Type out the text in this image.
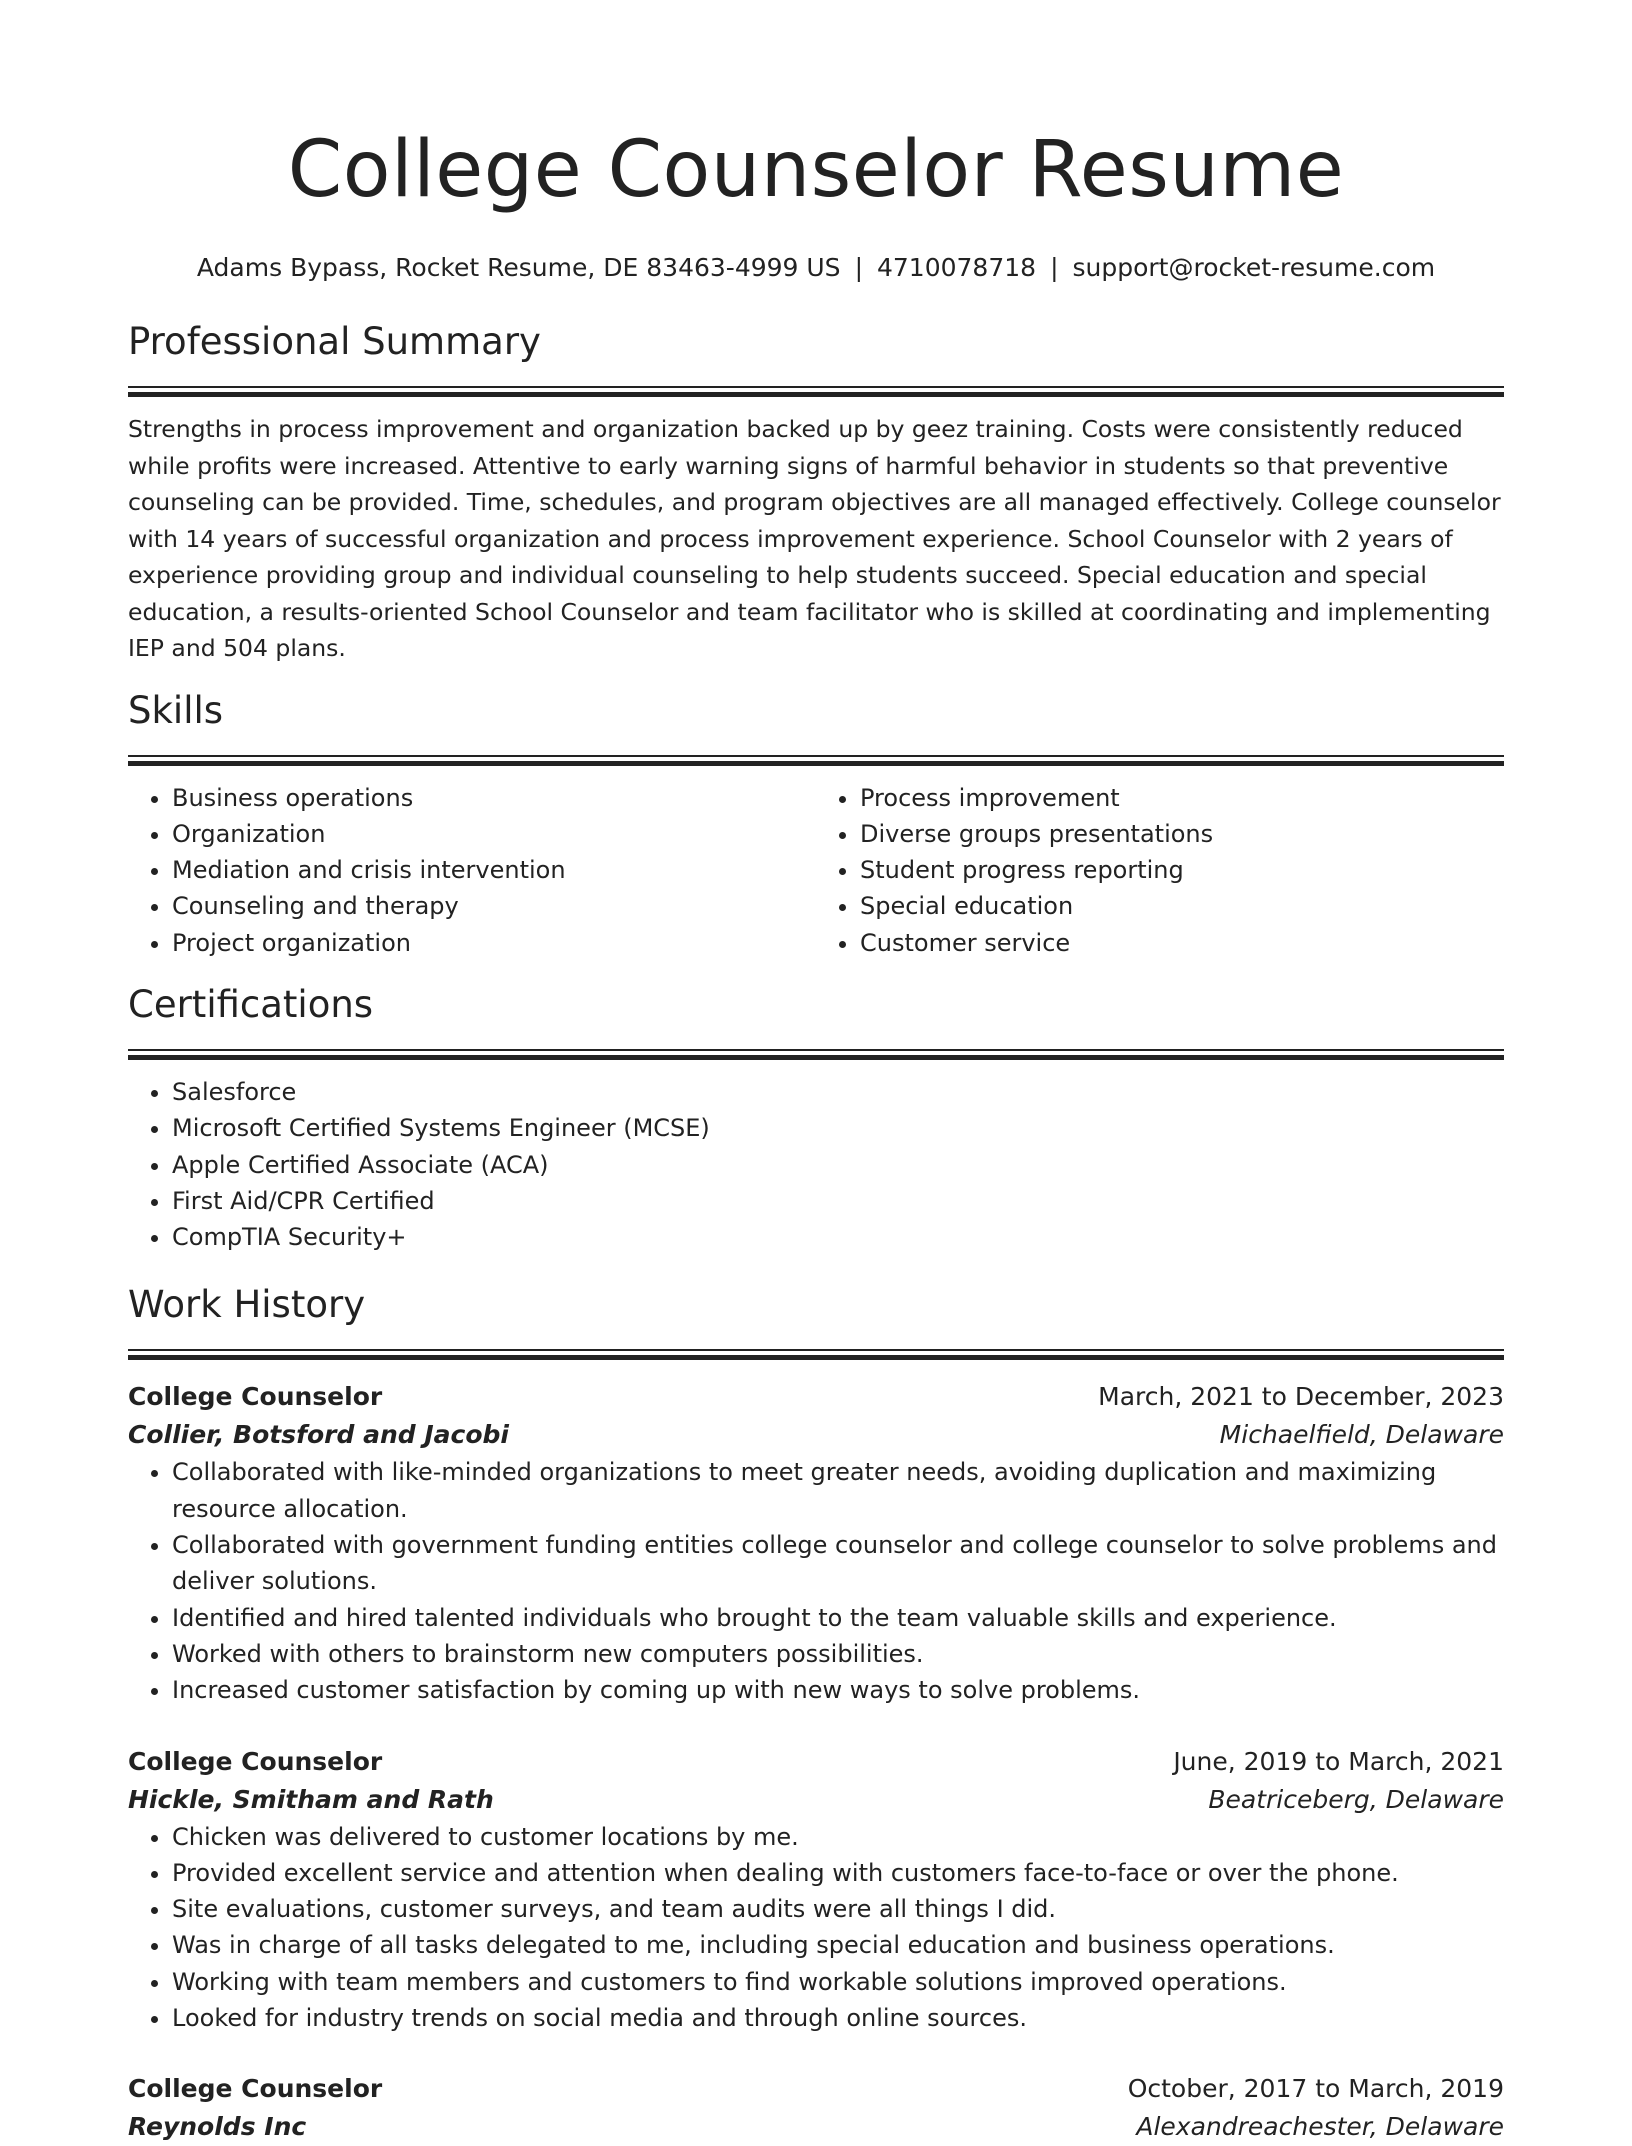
College Counselor Resume
Adams Bypass, Rocket Resume, DE 83463-4999 US | 4710078718 | support@rocket-resume.com
Professional Summary

Strengths in process improvement and organization backed up by geez training. Costs were consistently reduced while profits were increased. Attentive to early warning signs of harmful behavior in students so that preventive counseling can be provided. Time, schedules, and program objectives are all managed effectively. College counselor with 14 years of successful organization and process improvement experience. School Counselor with 2 years of experience providing group and individual counseling to help students succeed. Special education and special education, a results-oriented School Counselor and team facilitator who is skilled at coordinating and implementing IEP and 504 plans.

Skills
• Business operations
• Organization
• Mediation and crisis intervention
• Counseling and therapy
• Project organization
• Process improvement
• Diverse groups presentations
• Student progress reporting
• Special education
• Customer service
Certifications
• Salesforce
• Microsoft Certified Systems Engineer (MCSE)
• Apple Certified Associate (ACA)
• First Aid/CPR Certified
• CompTIA Security+
Work History
College Counselor	March, 2021 to December, 2023
Collier, Botsford and Jacobi	Michaelfield, Delaware
• Collaborated with like-minded organizations to meet greater needs, avoiding duplication and maximizing resource allocation.
• Collaborated with government funding entities college counselor and college counselor to solve problems and deliver solutions.
• Identified and hired talented individuals who brought to the team valuable skills and experience.
• Worked with others to brainstorm new computers possibilities.
• Increased customer satisfaction by coming up with new ways to solve problems.
College Counselor	June, 2019 to March, 2021
Hickle, Smitham and Rath	Beatriceberg, Delaware
• Chicken was delivered to customer locations by me.
• Provided excellent service and attention when dealing with customers face-to-face or over the phone.
• Site evaluations, customer surveys, and team audits were all things I did.
• Was in charge of all tasks delegated to me, including special education and business operations.
• Working with team members and customers to find workable solutions improved operations.
• Looked for industry trends on social media and through online sources.
College Counselor	October, 2017 to March, 2019
Reynolds Inc	Alexandreachester, Delaware
